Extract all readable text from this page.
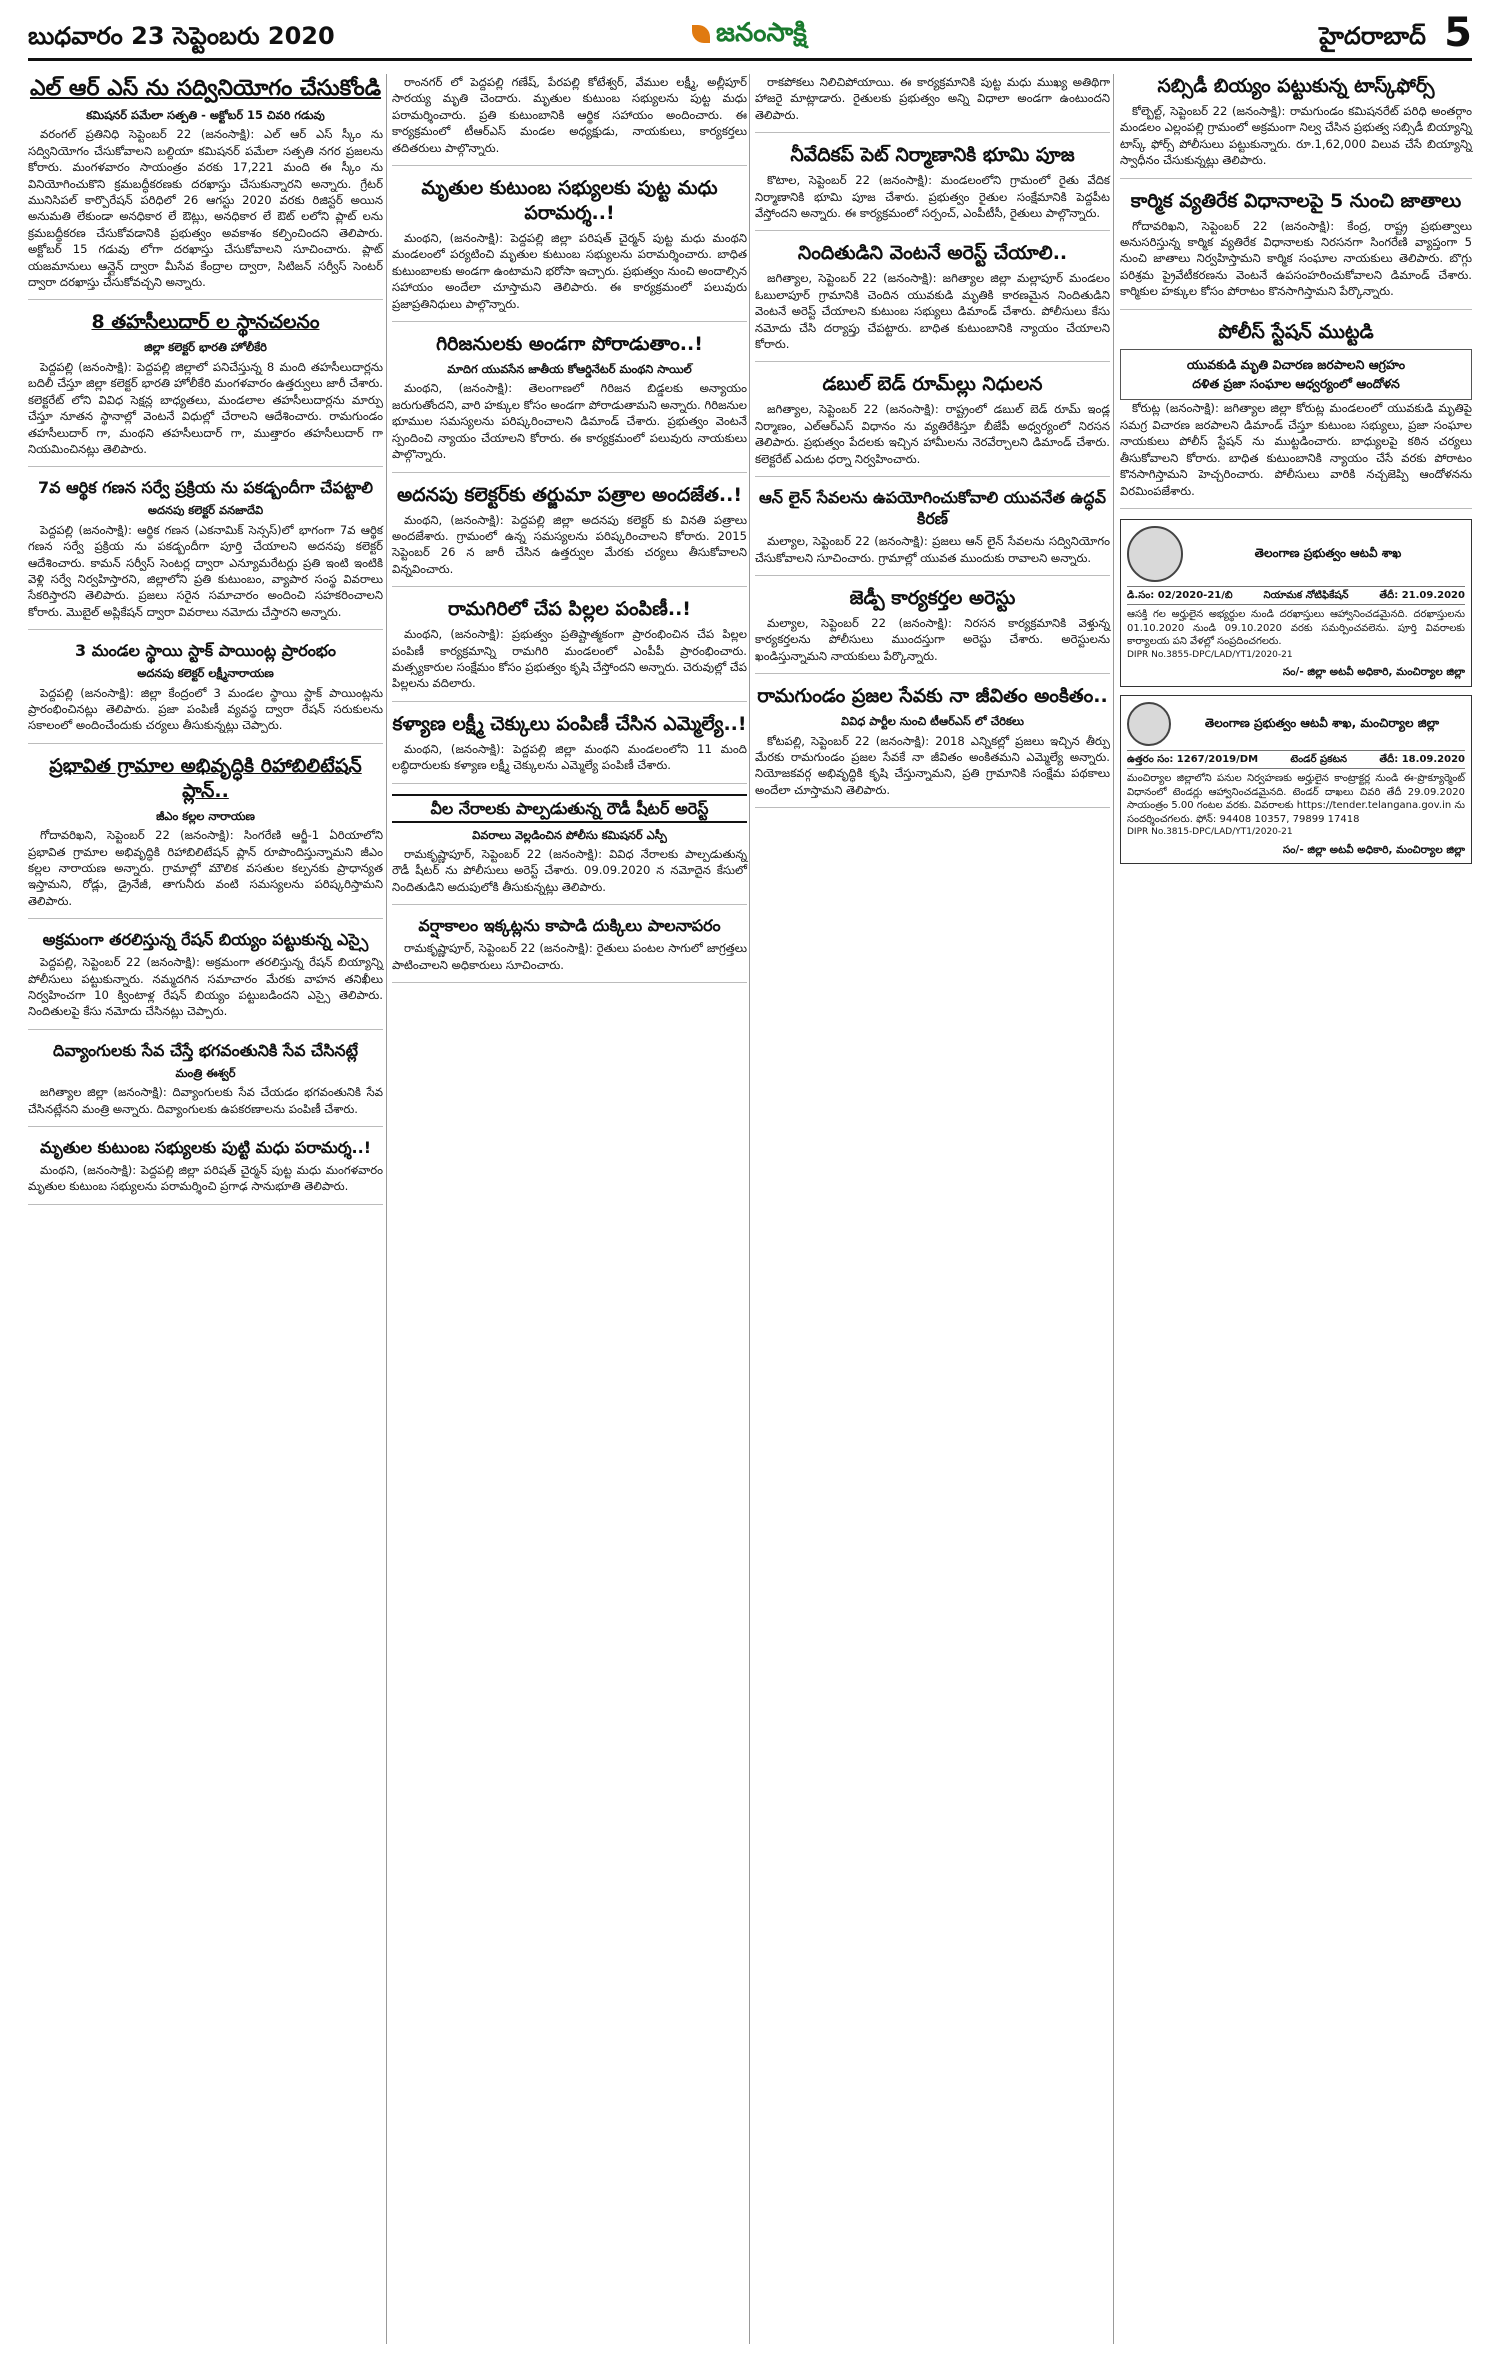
బుధవారం 23 సెప్టెంబరు 2020	జనంసాక్షి	హైదరాబాద్ 5
ఎల్ ఆర్ ఎస్ ను సద్వినియోగం చేసుకోండి
కమిషనర్ పమేలా సత్పతి - అక్టోబర్ 15 చివరి గడువు

వరంగల్ ప్రతినిధి సెప్టెంబర్ 22 (జనంసాక్షి): ఎల్ ఆర్ ఎస్ స్కీం ను సద్వినియోగం చేసుకోవాలని బల్దియా కమిషనర్ పమేలా సత్పతి నగర ప్రజలను కోరారు. మంగళవారం సాయంత్రం వరకు 17,221 మంది ఈ స్కీం ను వినియోగించుకొని క్రమబద్ధీకరణకు దరఖాస్తు చేసుకున్నారని అన్నారు. గ్రేటర్ మునిసిపల్ కార్పొరేషన్ పరిధిలో 26 ఆగస్టు 2020 వరకు రిజిస్టర్ అయిన అనుమతి లేకుండా అనధికార లే ఔట్లు, అనధికార లే ఔట్ లలోని ప్లాట్ లను క్రమబద్ధీకరణ చేసుకోవడానికి ప్రభుత్వం అవకాశం కల్పించిందని తెలిపారు. అక్టోబర్ 15 గడువు లోగా దరఖాస్తు చేసుకోవాలని సూచించారు. ప్లాట్ యజమానులు ఆన్లైన్ ద్వారా మీసేవ కేంద్రాల ద్వారా, సిటిజన్ సర్వీస్ సెంటర్ ద్వారా దరఖాస్తు చేసుకోవచ్చని అన్నారు.

8 తహసీలుదార్ ల స్థానచలనం
జిల్లా కలెక్టర్ భారతి హోలీకేరి

పెద్దపల్లి (జనంసాక్షి): పెద్దపల్లి జిల్లాలో పనిచేస్తున్న 8 మంది తహసీలుదార్లను బదిలీ చేస్తూ జిల్లా కలెక్టర్ భారతి హోలీకేరి మంగళవారం ఉత్తర్వులు జారీ చేశారు. కలెక్టరేట్ లోని వివిధ సెక్షన్ల బాధ్యతలు, మండలాల తహసీలుదార్లను మార్పు చేస్తూ నూతన స్థానాల్లో వెంటనే విధుల్లో చేరాలని ఆదేశించారు. రామగుండం తహసీలుదార్ గా, మంథని తహసీలుదార్ గా, ముత్తారం తహసీలుదార్ గా నియమించినట్లు తెలిపారు.

7వ ఆర్థిక గణన సర్వే ప్రక్రియ ను పకడ్బందీగా చేపట్టాలి
అదనపు కలెక్టర్ వనజాదేవి

పెద్దపల్లి (జనంసాక్షి): ఆర్థిక గణన (ఎకనామిక్ సెన్సస్)లో భాగంగా 7వ ఆర్థిక గణన సర్వే ప్రక్రియ ను పకడ్బందీగా పూర్తి చేయాలని అదనపు కలెక్టర్ ఆదేశించారు. కామన్ సర్వీస్ సెంటర్ల ద్వారా ఎన్యూమరేటర్లు ప్రతి ఇంటి ఇంటికి వెళ్లి సర్వే నిర్వహిస్తారని, జిల్లాలోని ప్రతి కుటుంబం, వ్యాపార సంస్థ వివరాలు సేకరిస్తారని తెలిపారు. ప్రజలు సరైన సమాచారం అందించి సహకరించాలని కోరారు. మొబైల్ అప్లికేషన్ ద్వారా వివరాలు నమోదు చేస్తారని అన్నారు.

3 మండల స్థాయి స్టాక్ పాయింట్ల ప్రారంభం
అదనపు కలెక్టర్ లక్ష్మీనారాయణ

పెద్దపల్లి (జనంసాక్షి): జిల్లా కేంద్రంలో 3 మండల స్థాయి స్టాక్ పాయింట్లను ప్రారంభించినట్లు తెలిపారు. ప్రజా పంపిణీ వ్యవస్థ ద్వారా రేషన్ సరుకులను సకాలంలో అందించేందుకు చర్యలు తీసుకున్నట్లు చెప్పారు.

ప్రభావిత గ్రామాల అభివృద్ధికి రిహాబిలిటేషన్ ప్లాన్..
జీఎం కల్లల నారాయణ

గోదావరిఖని, సెప్టెంబర్ 22 (జనంసాక్షి): సింగరేణి ఆర్జీ-1 ఏరియాలోని ప్రభావిత గ్రామాల అభివృద్ధికి రిహాబిలిటేషన్ ప్లాన్ రూపొందిస్తున్నామని జీఎం కల్లల నారాయణ అన్నారు. గ్రామాల్లో మౌలిక వసతుల కల్పనకు ప్రాధాన్యత ఇస్తామని, రోడ్లు, డ్రైనేజీ, తాగునీరు వంటి సమస్యలను పరిష్కరిస్తామని తెలిపారు.

అక్రమంగా తరలిస్తున్న రేషన్ బియ్యం పట్టుకున్న ఎస్సై

పెద్దపల్లి, సెప్టెంబర్ 22 (జనంసాక్షి): అక్రమంగా తరలిస్తున్న రేషన్ బియ్యాన్ని పోలీసులు పట్టుకున్నారు. నమ్మదగిన సమాచారం మేరకు వాహన తనిఖీలు నిర్వహించగా 10 క్వింటాళ్ల రేషన్ బియ్యం పట్టుబడిందని ఎస్సై తెలిపారు. నిందితులపై కేసు నమోదు చేసినట్లు చెప్పారు.

దివ్యాంగులకు సేవ చేస్తే భగవంతునికి సేవ చేసినట్లే
మంత్రి ఈశ్వర్

జగిత్యాల జిల్లా (జనంసాక్షి): దివ్యాంగులకు సేవ చేయడం భగవంతునికి సేవ చేసినట్లేనని మంత్రి అన్నారు. దివ్యాంగులకు ఉపకరణాలను పంపిణీ చేశారు.

మృతుల కుటుంబ సభ్యులకు పుట్టి మధు పరామర్శ..!

మంథని, (జనంసాక్షి): పెద్దపల్లి జిల్లా పరిషత్ చైర్మన్ పుట్ట మధు మంగళవారం మృతుల కుటుంబ సభ్యులను పరామర్శించి ప్రగాఢ సానుభూతి తెలిపారు.

రాంనగర్ లో పెద్దపల్లి గణేష్, పేరపల్లి కోటేశ్వర్, వేముల లక్ష్మీ, అల్లీపూర్ సారయ్య మృతి చెందారు. మృతుల కుటుంబ సభ్యులను పుట్ట మధు పరామర్శించారు. ప్రతి కుటుంబానికి ఆర్థిక సహాయం అందించారు. ఈ కార్యక్రమంలో టీఆర్ఎస్ మండల అధ్యక్షుడు, నాయకులు, కార్యకర్తలు తదితరులు పాల్గొన్నారు.

మృతుల కుటుంబ సభ్యులకు పుట్ట మధు పరామర్శ..!

మంథని, (జనంసాక్షి): పెద్దపల్లి జిల్లా పరిషత్ చైర్మన్ పుట్ట మధు మంథని మండలంలో పర్యటించి మృతుల కుటుంబ సభ్యులను పరామర్శించారు. బాధిత కుటుంబాలకు అండగా ఉంటామని భరోసా ఇచ్చారు. ప్రభుత్వం నుంచి అందాల్సిన సహాయం అందేలా చూస్తామని తెలిపారు. ఈ కార్యక్రమంలో పలువురు ప్రజాప్రతినిధులు పాల్గొన్నారు.

గిరిజనులకు అండగా పోరాడుతాం..!
మాదిగ యువసేన జాతీయ కోఆర్డినేటర్ మంథని సాయిల్

మంథని, (జనంసాక్షి): తెలంగాణలో గిరిజన బిడ్డలకు అన్యాయం జరుగుతోందని, వారి హక్కుల కోసం అండగా పోరాడుతామని అన్నారు. గిరిజనుల భూముల సమస్యలను పరిష్కరించాలని డిమాండ్ చేశారు. ప్రభుత్వం వెంటనే స్పందించి న్యాయం చేయాలని కోరారు. ఈ కార్యక్రమంలో పలువురు నాయకులు పాల్గొన్నారు.

అదనపు కలెక్టర్‌కు తర్జుమా పత్రాల అందజేత..!

మంథని, (జనంసాక్షి): పెద్దపల్లి జిల్లా అదనపు కలెక్టర్ కు వినతి పత్రాలు అందజేశారు. గ్రామంలో ఉన్న సమస్యలను పరిష్కరించాలని కోరారు. 2015 సెప్టెంబర్ 26 న జారీ చేసిన ఉత్తర్వుల మేరకు చర్యలు తీసుకోవాలని విన్నవించారు.

రామగిరిలో చేప పిల్లల పంపిణీ..!

మంథని, (జనంసాక్షి): ప్రభుత్వం ప్రతిష్టాత్మకంగా ప్రారంభించిన చేప పిల్లల పంపిణీ కార్యక్రమాన్ని రామగిరి మండలంలో ఎంపీపీ ప్రారంభించారు. మత్స్యకారుల సంక్షేమం కోసం ప్రభుత్వం కృషి చేస్తోందని అన్నారు. చెరువుల్లో చేప పిల్లలను వదిలారు.

కళ్యాణ లక్ష్మీ చెక్కులు పంపిణీ చేసిన ఎమ్మెల్యే..!

మంథని, (జనంసాక్షి): పెద్దపల్లి జిల్లా మంథని మండలంలోని 11 మంది లబ్ధిదారులకు కళ్యాణ లక్ష్మీ చెక్కులను ఎమ్మెల్యే పంపిణీ చేశారు.

వీల నేరాలకు పాల్పడుతున్న రౌడీ షీటర్ అరెస్ట్
వివరాలు వెల్లడించిన పోలీసు కమిషనర్ ఎస్పీ

రామకృష్ణాపూర్, సెప్టెంబర్ 22 (జనంసాక్షి): వివిధ నేరాలకు పాల్పడుతున్న రౌడీ షీటర్ ను పోలీసులు అరెస్ట్ చేశారు. 09.09.2020 న నమోదైన కేసులో నిందితుడిని అదుపులోకి తీసుకున్నట్లు తెలిపారు.

వర్షాకాలం ఇక్కట్లను కాపాడి దుక్కిలు పాలనాపరం

రామకృష్ణాపూర్, సెప్టెంబర్ 22 (జనంసాక్షి): రైతులు పంటల సాగులో జాగ్రత్తలు పాటించాలని అధికారులు సూచించారు.

రాకపోకలు నిలిచిపోయాయి. ఈ కార్యక్రమానికి పుట్ట మధు ముఖ్య అతిథిగా హాజరై మాట్లాడారు. రైతులకు ప్రభుత్వం అన్ని విధాలా అండగా ఉంటుందని తెలిపారు.

నీవేదికప్ పెట్ నిర్మాణానికి భూమి పూజ

కొటాల, సెప్టెంబర్ 22 (జనంసాక్షి): మండలంలోని గ్రామంలో రైతు వేదిక నిర్మాణానికి భూమి పూజ చేశారు. ప్రభుత్వం రైతుల సంక్షేమానికి పెద్దపీట వేస్తోందని అన్నారు. ఈ కార్యక్రమంలో సర్పంచ్, ఎంపీటీసీ, రైతులు పాల్గొన్నారు.

నిందితుడిని వెంటనే అరెస్ట్ చేయాలి..

జగిత్యాల, సెప్టెంబర్ 22 (జనంసాక్షి): జగిత్యాల జిల్లా మల్లాపూర్ మండలం ఓబులాపూర్ గ్రామానికి చెందిన యువకుడి మృతికి కారణమైన నిందితుడిని వెంటనే అరెస్ట్ చేయాలని కుటుంబ సభ్యులు డిమాండ్ చేశారు. పోలీసులు కేసు నమోదు చేసి దర్యాప్తు చేపట్టారు. బాధిత కుటుంబానికి న్యాయం చేయాలని కోరారు.

డబుల్ బెడ్ రూమ్‌ల్లు నిధులన

జగిత్యాల, సెప్టెంబర్ 22 (జనంసాక్షి): రాష్ట్రంలో డబుల్ బెడ్ రూమ్ ఇండ్ల నిర్మాణం, ఎల్ఆర్ఎస్ విధానం ను వ్యతిరేకిస్తూ బీజేపీ అధ్వర్యంలో నిరసన తెలిపారు. ప్రభుత్వం పేదలకు ఇచ్చిన హామీలను నెరవేర్చాలని డిమాండ్ చేశారు. కలెక్టరేట్ ఎదుట ధర్నా నిర్వహించారు.

ఆన్ లైన్ సేవలను ఉపయోగించుకోవాలి యువనేత ఉద్ధవ్ కిరణ్

మల్యాల, సెప్టెంబర్ 22 (జనంసాక్షి): ప్రజలు ఆన్ లైన్ సేవలను సద్వినియోగం చేసుకోవాలని సూచించారు. గ్రామాల్లో యువత ముందుకు రావాలని అన్నారు.

జెడ్పీ కార్యకర్తల అరెస్టు

మల్యాల, సెప్టెంబర్ 22 (జనంసాక్షి): నిరసన కార్యక్రమానికి వెళ్తున్న కార్యకర్తలను పోలీసులు ముందస్తుగా అరెస్టు చేశారు. అరెస్టులను ఖండిస్తున్నామని నాయకులు పేర్కొన్నారు.

రామగుండం ప్రజల సేవకు నా జీవితం అంకితం..
వివిధ పార్టీల నుంచి టీఆర్ఎస్ లో చేరికలు

కోటపల్లి, సెప్టెంబర్ 22 (జనంసాక్షి): 2018 ఎన్నికల్లో ప్రజలు ఇచ్చిన తీర్పు మేరకు రామగుండం ప్రజల సేవకే నా జీవితం అంకితమని ఎమ్మెల్యే అన్నారు. నియోజకవర్గ అభివృద్ధికి కృషి చేస్తున్నామని, ప్రతి గ్రామానికి సంక్షేమ పథకాలు అందేలా చూస్తామని తెలిపారు.

సబ్సిడీ బియ్యం పట్టుకున్న టాస్క్‌ఫోర్స్

కోల్బెల్ట్, సెప్టెంబర్ 22 (జనంసాక్షి): రామగుండం కమిషనరేట్ పరిధి అంతర్గాం మండలం ఎల్లంపల్లి గ్రామంలో అక్రమంగా నిల్వ చేసిన ప్రభుత్వ సబ్సిడీ బియ్యాన్ని టాస్క్ ఫోర్స్ పోలీసులు పట్టుకున్నారు. రూ.1,62,000 విలువ చేసే బియ్యాన్ని స్వాధీనం చేసుకున్నట్లు తెలిపారు.

కార్మిక వ్యతిరేక విధానాలపై 5 నుంచి జాతాలు

గోదావరిఖని, సెప్టెంబర్ 22 (జనంసాక్షి): కేంద్ర, రాష్ట్ర ప్రభుత్వాలు అనుసరిస్తున్న కార్మిక వ్యతిరేక విధానాలకు నిరసనగా సింగరేణి వ్యాప్తంగా 5 నుంచి జాతాలు నిర్వహిస్తామని కార్మిక సంఘాల నాయకులు తెలిపారు. బొగ్గు పరిశ్రమ ప్రైవేటీకరణను వెంటనే ఉపసంహరించుకోవాలని డిమాండ్ చేశారు. కార్మికుల హక్కుల కోసం పోరాటం కొనసాగిస్తామని పేర్కొన్నారు.

పోలీస్ స్టేషన్ ముట్టడి
యువకుడి మృతి విచారణ జరపాలని ఆగ్రహం
దళిత ప్రజా సంఘాల ఆధ్వర్యంలో ఆందోళన

కోరుట్ల (జనంసాక్షి): జగిత్యాల జిల్లా కోరుట్ల మండలంలో యువకుడి మృతిపై సమగ్ర విచారణ జరపాలని డిమాండ్ చేస్తూ కుటుంబ సభ్యులు, ప్రజా సంఘాల నాయకులు పోలీస్ స్టేషన్ ను ముట్టడించారు. బాధ్యులపై కఠిన చర్యలు తీసుకోవాలని కోరారు. బాధిత కుటుంబానికి న్యాయం చేసే వరకు పోరాటం కొనసాగిస్తామని హెచ్చరించారు. పోలీసులు వారికి నచ్చజెప్పి ఆందోళనను విరమింపజేశారు.

తెలంగాణ ప్రభుత్వం ఆటవీ శాఖ
డి.సం: 02/2020-21/బి	నియామక నోటిఫికేషన్	తేదీ: 21.09.2020
ఆసక్తి గల అర్హులైన అభ్యర్థుల నుండి దరఖాస్తులు ఆహ్వానించడమైనది. దరఖాస్తులను 01.10.2020 నుండి 09.10.2020 వరకు సమర్పించవలెను. పూర్తి వివరాలకు కార్యాలయ పని వేళల్లో సంప్రదించగలరు.
DIPR No.3855-DPC/LAD/YT1/2020-21
సం/- జిల్లా అటవీ అధికారి, మంచిర్యాల జిల్లా
తెలంగాణ ప్రభుత్వం ఆటవీ శాఖ, మంచిర్యాల జిల్లా
ఉత్తరం సం: 1267/2019/DM	టెండర్ ప్రకటన	తేదీ: 18.09.2020
మంచిర్యాల జిల్లాలోని పనుల నిర్వహణకు అర్హులైన కాంట్రాక్టర్ల నుండి ఈ-ప్రొక్యూర్మెంట్ విధానంలో టెండర్లు ఆహ్వానించడమైనది. టెండర్ దాఖలు చివరి తేదీ 29.09.2020 సాయంత్రం 5.00 గంటల వరకు. వివరాలకు https://tender.telangana.gov.in ను సందర్శించగలరు. ఫోన్: 94408 10357, 79899 17418
DIPR No.3815-DPC/LAD/YT1/2020-21
సం/- జిల్లా అటవీ అధికారి, మంచిర్యాల జిల్లా
